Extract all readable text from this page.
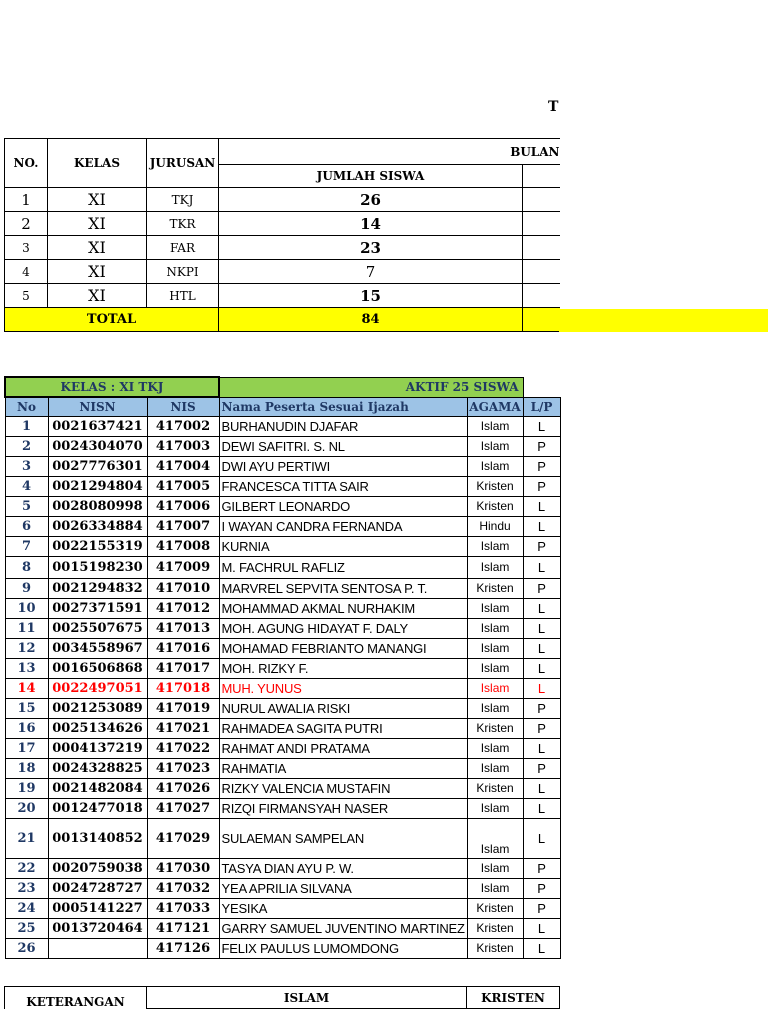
T
NO.	KELAS	JURUSAN	BULAN	
			JUMLAH SISWA	
1	XI	TKJ	26	
2	XI	TKR	14	
3	XI	FAR	23	
4	XI	NKPI	7	
5	XI	HTL	15	
TOTAL			84	
KELAS : XI TKJ			AKTIF 25 SISWA		
No	NISN	NIS	Nama Peserta Sesuai Ijazah	AGAMA	L/P
1	0021637421	417002	BURHANUDIN DJAFAR	Islam	L
2	0024304070	417003	DEWI SAFITRI. S. NL	Islam	P
3	0027776301	417004	DWI AYU PERTIWI	Islam	P
4	0021294804	417005	FRANCESCA TITTA SAIR	Kristen	P
5	0028080998	417006	GILBERT LEONARDO	Kristen	L
6	0026334884	417007	I WAYAN CANDRA FERNANDA	Hindu	L
7	0022155319	417008	KURNIA	Islam	P
8	0015198230	417009	M. FACHRUL RAFLIZ	Islam	L
9	0021294832	417010	MARVREL SEPVITA SENTOSA P. T.	Kristen	P
10	0027371591	417012	MOHAMMAD AKMAL NURHAKIM	Islam	L
11	0025507675	417013	MOH. AGUNG HIDAYAT F. DALY	Islam	L
12	0034558967	417016	MOHAMAD FEBRIANTO MANANGI	Islam	L
13	0016506868	417017	MOH. RIZKY F.	Islam	L
14	0022497051	417018	MUH. YUNUS	Islam	L
15	0021253089	417019	NURUL AWALIA RISKI	Islam	P
16	0025134626	417021	RAHMADEA SAGITA PUTRI	Kristen	P
17	0004137219	417022	RAHMAT ANDI PRATAMA	Islam	L
18	0024328825	417023	RAHMATIA	Islam	P
19	0021482084	417026	RIZKY VALENCIA MUSTAFIN	Kristen	L
20	0012477018	417027	RIZQI FIRMANSYAH NASER	Islam	L
21	0013140852	417029	SULAEMAN SAMPELAN	Islam	L
22	0020759038	417030	TASYA DIAN AYU P. W.	Islam	P
23	0024728727	417032	YEA APRILIA SILVANA	Islam	P
24	0005141227	417033	YESIKA	Kristen	P
25	0013720464	417121	GARRY SAMUEL JUVENTINO MARTINEZ	Kristen	L
26		417126	FELIX PAULUS LUMOMDONG	Kristen	L
KETERANGAN	ISLAM	KRISTEN
